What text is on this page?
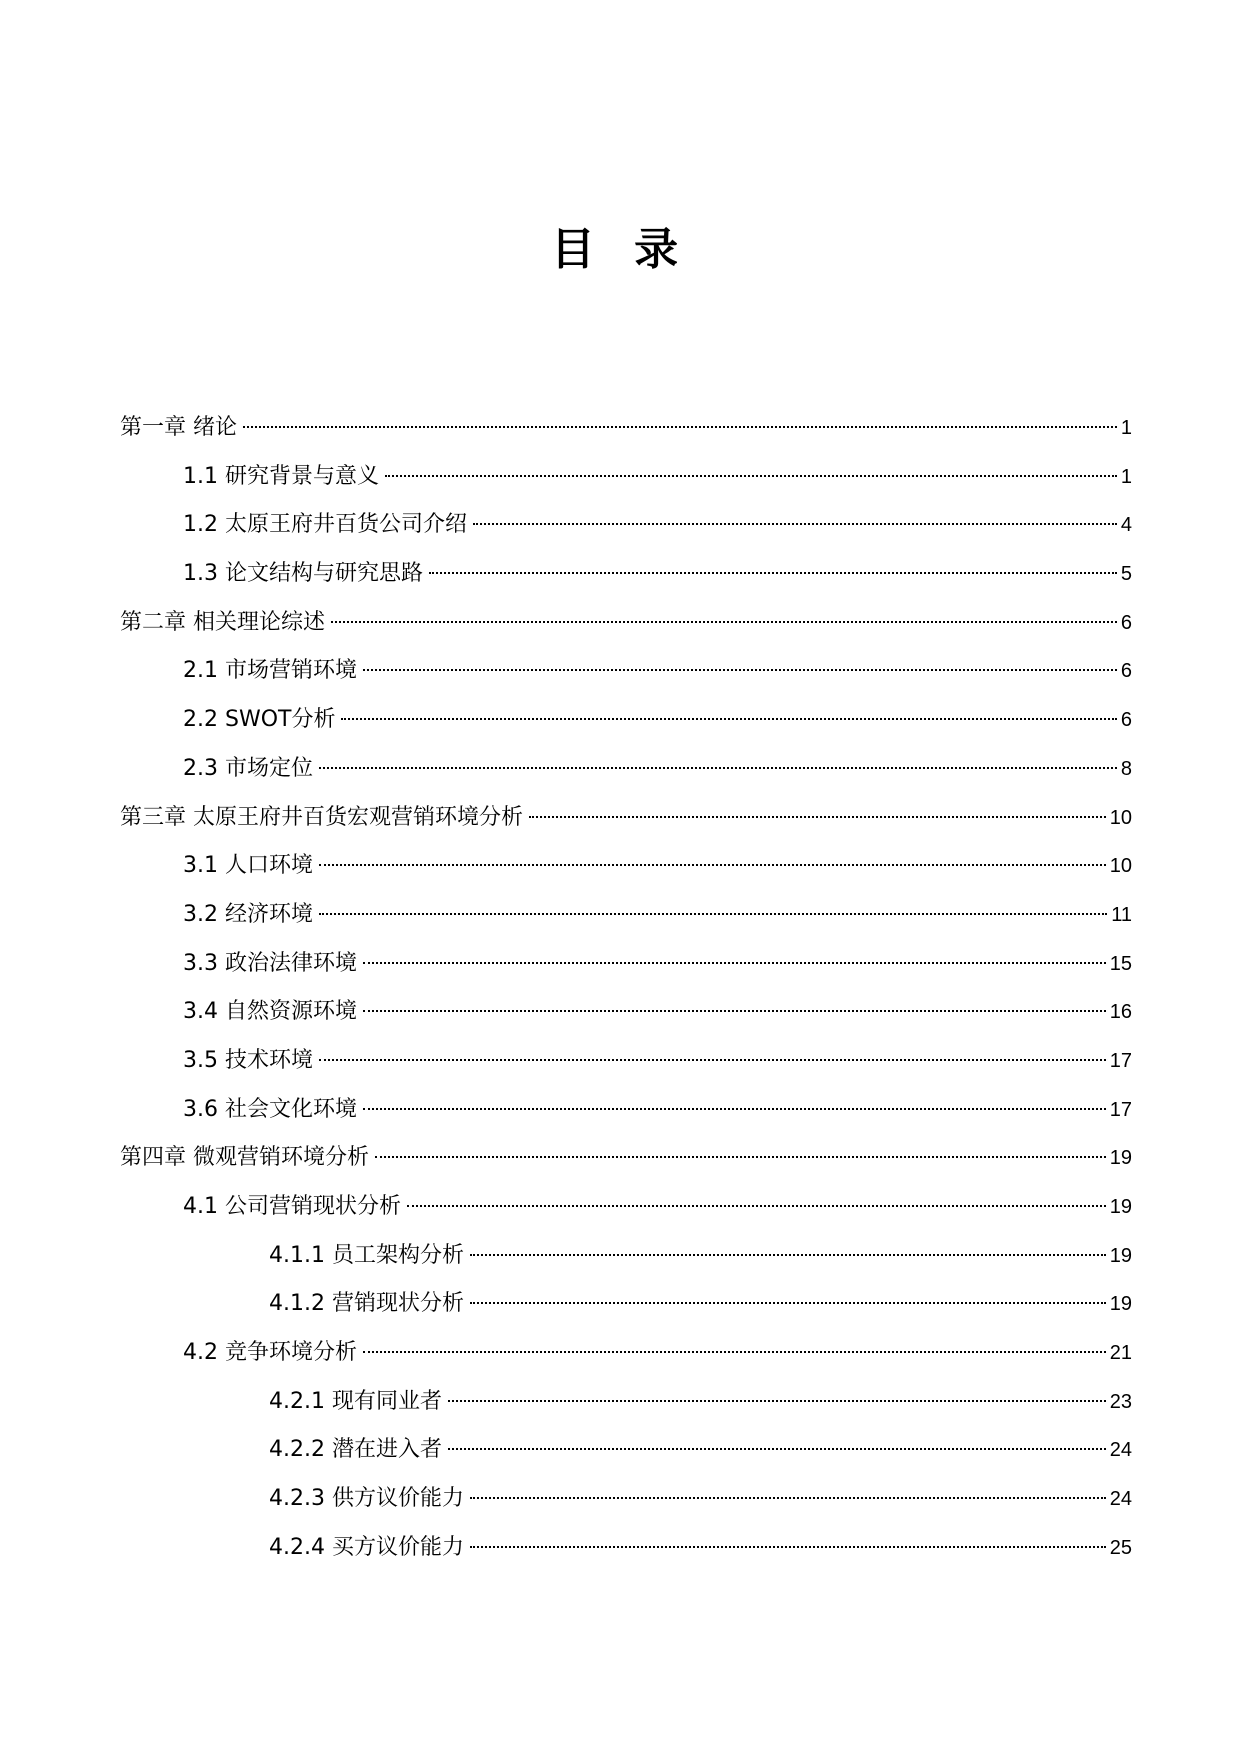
目 录
第一章 绪论	1
1.1 研究背景与意义	1
1.2 太原王府井百货公司介绍	4
1.3 论文结构与研究思路	5
第二章 相关理论综述	6
2.1 市场营销环境	6
2.2 SWOT分析	6
2.3 市场定位	8
第三章 太原王府井百货宏观营销环境分析	10
3.1 人口环境	10
3.2 经济环境	11
3.3 政治法律环境	15
3.4 自然资源环境	16
3.5 技术环境	17
3.6 社会文化环境	17
第四章 微观营销环境分析	19
4.1 公司营销现状分析	19
4.1.1 员工架构分析	19
4.1.2 营销现状分析	19
4.2 竞争环境分析	21
4.2.1 现有同业者	23
4.2.2 潜在进入者	24
4.2.3 供方议价能力	24
4.2.4 买方议价能力	25
